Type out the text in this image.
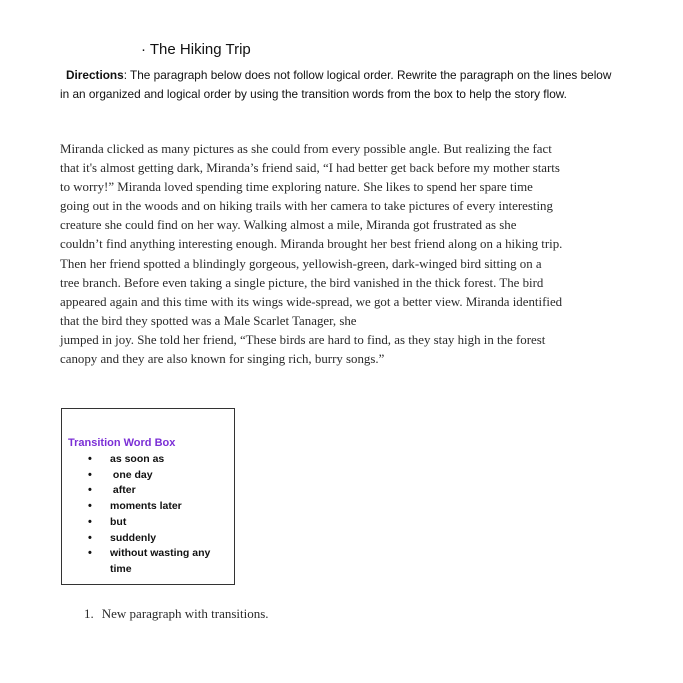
· The Hiking Trip
Directions: The paragraph below does not follow logical order. Rewrite the paragraph on the lines below in an organized and logical order by using the transition words from the box to help the story flow.
Miranda clicked as many pictures as she could from every possible angle. But realizing the fact
that it's almost getting dark, Miranda’s friend said, “I had better get back before my mother starts
to worry!” Miranda loved spending time exploring nature. She likes to spend her spare time
going out in the woods and on hiking trails with her camera to take pictures of every interesting
creature she could find on her way. Walking almost a mile, Miranda got frustrated as she
couldn’t find anything interesting enough. Miranda brought her best friend along on a hiking trip.
Then her friend spotted a blindingly gorgeous, yellowish-green, dark-winged bird sitting on a
tree branch. Before even taking a single picture, the bird vanished in the thick forest. The bird
appeared again and this time with its wings wide-spread, we got a better view. Miranda identified
that the bird they spotted was a Male Scarlet Tanager, she
jumped in joy. She told her friend, “These birds are hard to find, as they stay high in the forest
canopy and they are also known for singing rich, burry songs.”
Transition Word Box
• as soon as
• one day
• after
• moments later
• but
• suddenly
• without wasting any time
1. New paragraph with transitions.
